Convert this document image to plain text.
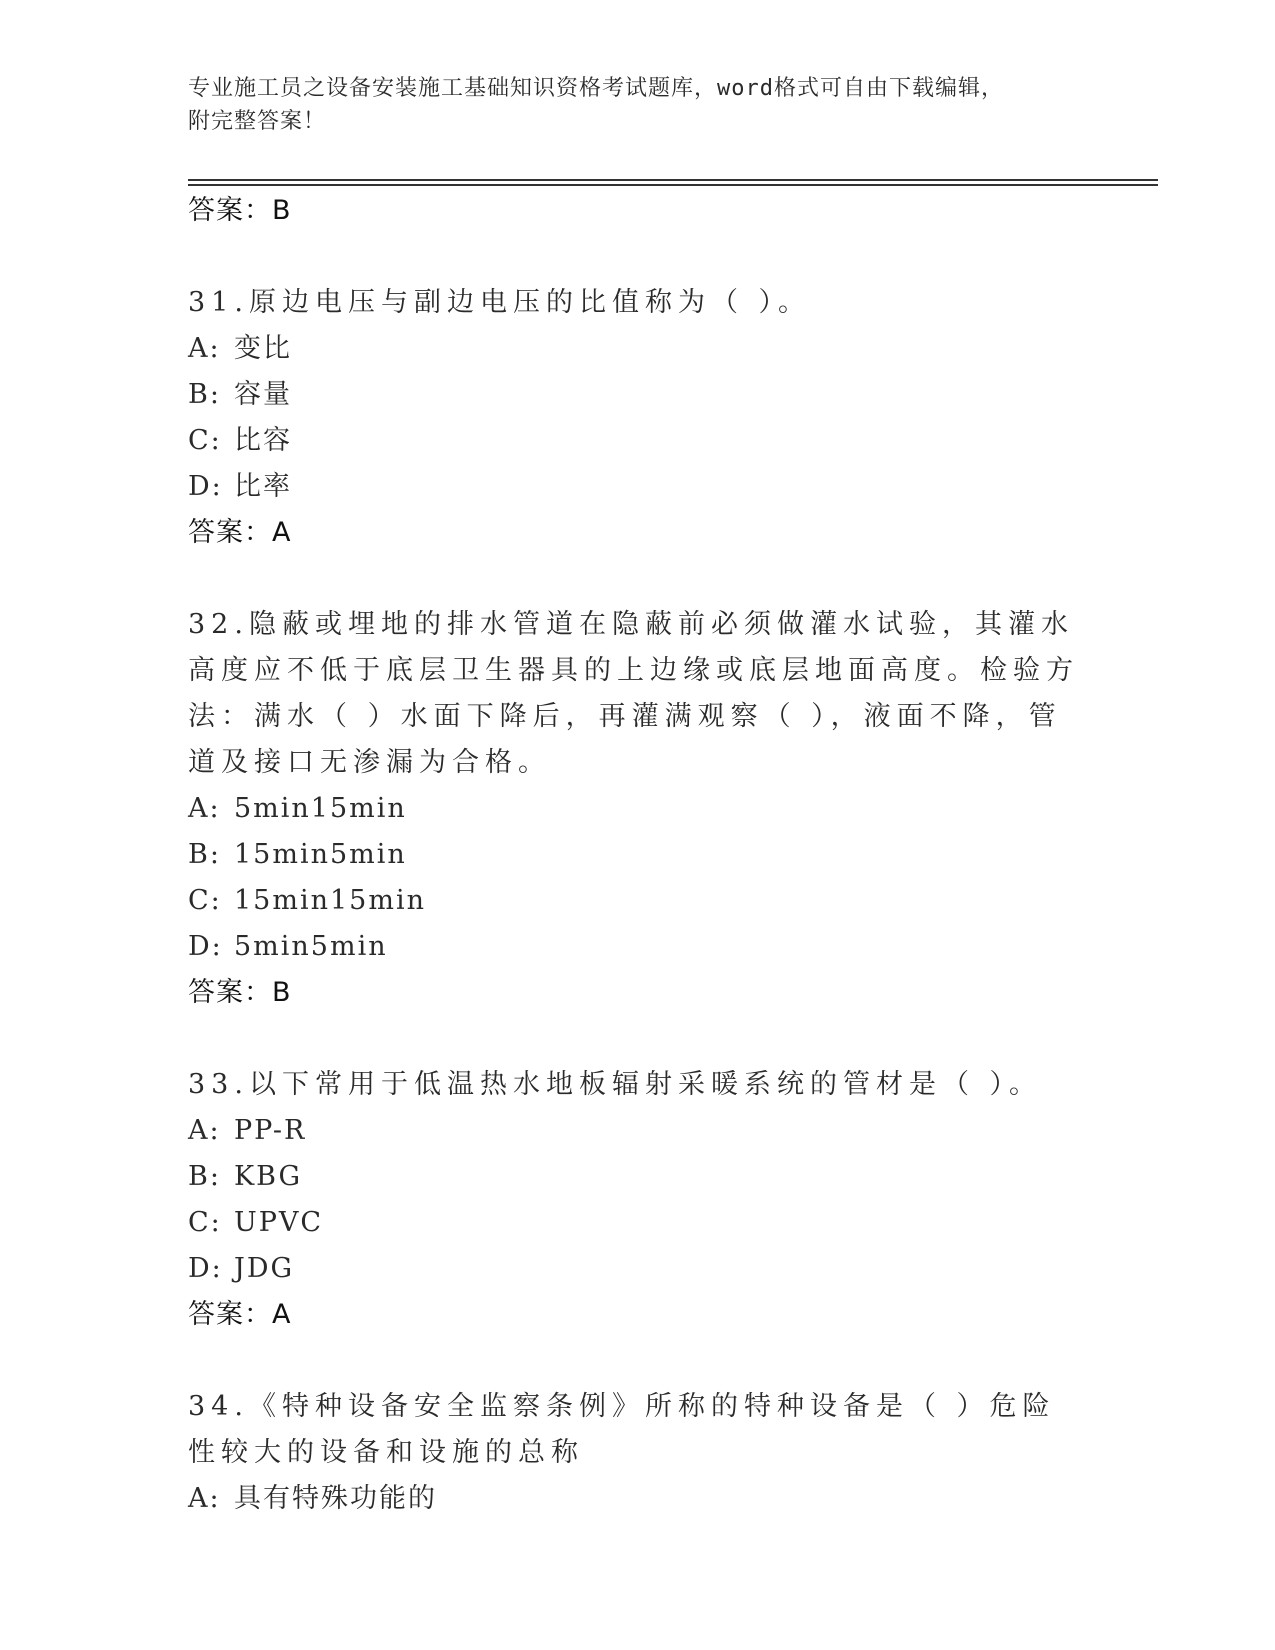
专业施工员之设备安装施工基础知识资格考试题库，word格式可自由下载编辑，
附完整答案！
答案：B
31.原边电压与副边电压的比值称为（ ）。
A: 变比
B: 容量
C: 比容
D: 比率
答案：A
32.隐蔽或埋地的排水管道在隐蔽前必须做灌水试验，其灌水高度应不低于底层卫生器具的上边缘或底层地面高度。检验方法：满水（ ）水面下降后，再灌满观察（ ），液面不降，管道及接口无渗漏为合格。
A: 5min15min
B: 15min5min
C: 15min15min
D: 5min5min
答案：B
33.以下常用于低温热水地板辐射采暖系统的管材是（ ）。
A: PP-R
B: KBG
C: UPVC
D: JDG
答案：A
34.《特种设备安全监察条例》所称的特种设备是（ ）危险性较大的设备和设施的总称
A: 具有特殊功能的
